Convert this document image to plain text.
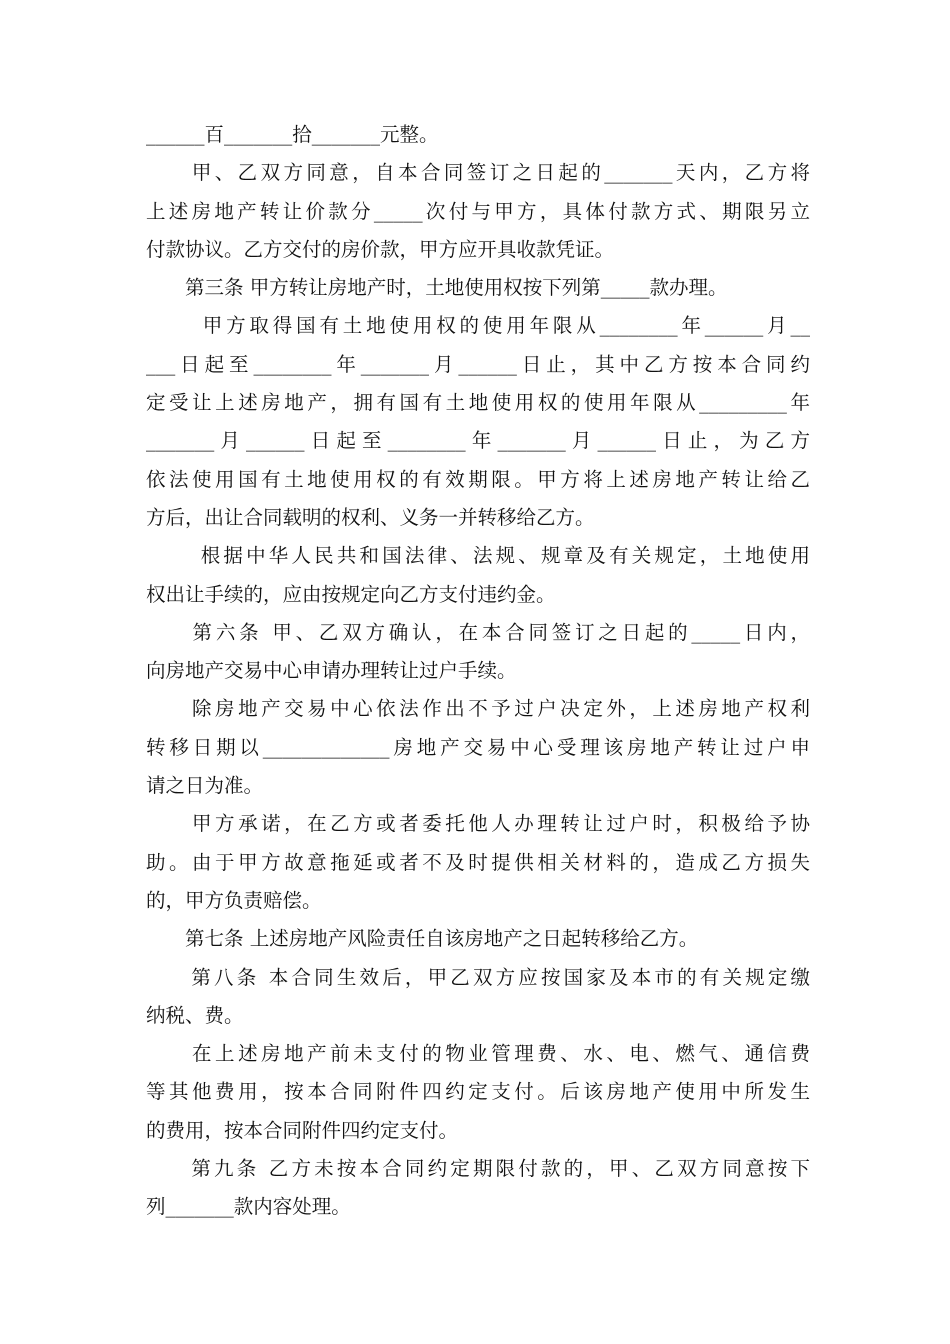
______百_______拾_______元整。
　　甲、乙双方同意，自本合同签订之日起的_______天内，乙方将
上述房地产转让价款分_____次付与甲方，具体付款方式、期限另立
付款协议。乙方交付的房价款，甲方应开具收款凭证。
　　第三条 甲方转让房地产时，土地使用权按下列第_____款办理。
　　 甲方取得国有土地使用权的使用年限从________年______月__
___日起至________年_______月______日止，其中乙方按本合同约
定受让上述房地产，拥有国有土地使用权的使用年限从_________年
_______月______日起至________年_______月______日止，为乙方
依法使用国有土地使用权的有效期限。甲方将上述房地产转让给乙
方后，出让合同载明的权利、义务一并转移给乙方。
　　 根据中华人民共和国法律、法规、规章及有关规定，土地使用
权出让手续的，应由按规定向乙方支付违约金。
　　第六条 甲、乙双方确认，在本合同签订之日起的_____日内，
向房地产交易中心申请办理转让过户手续。
　　除房地产交易中心依法作出不予过户决定外，上述房地产权利
转移日期以_____________房地产交易中心受理该房地产转让过户申
请之日为准。
　　甲方承诺，在乙方或者委托他人办理转让过户时，积极给予协
助。由于甲方故意拖延或者不及时提供相关材料的，造成乙方损失
的，甲方负责赔偿。
　　第七条 上述房地产风险责任自该房地产之日起转移给乙方。
　　第八条 本合同生效后，甲乙双方应按国家及本市的有关规定缴
纳税、费。
　　在上述房地产前未支付的物业管理费、水、电、燃气、通信费
等其他费用，按本合同附件四约定支付。后该房地产使用中所发生
的费用，按本合同附件四约定支付。
　　第九条 乙方未按本合同约定期限付款的，甲、乙双方同意按下
列_______款内容处理。
